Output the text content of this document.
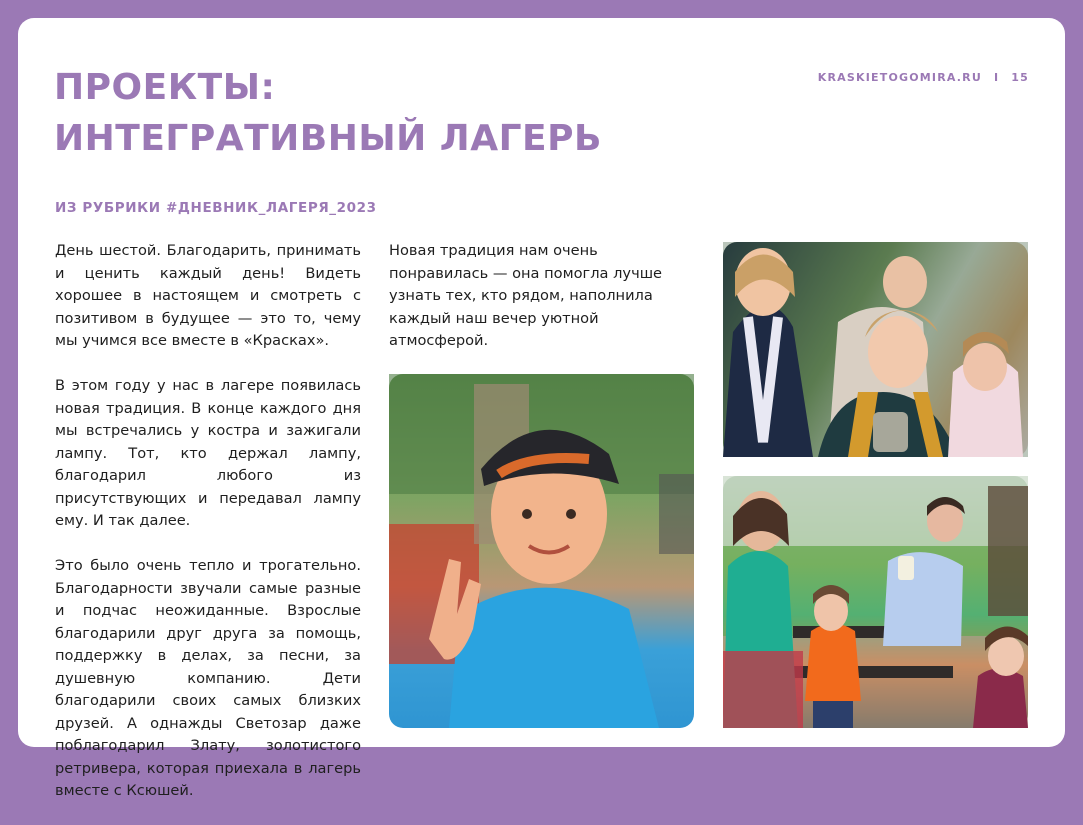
KRASKIETOGOMIRA.RU I 15
ПРОЕКТЫ:
ИНТЕГРАТИВНЫЙ ЛАГЕРЬ
ИЗ РУБРИКИ #ДНЕВНИК_ЛАГЕРЯ_2023

День шестой. Благодарить, принимать и ценить каждый день! Видеть хорошее в настоящем и смотреть с позитивом в будущее — это то, чему мы учимся все вместе в «Красках».

В этом году у нас в лагере появилась новая традиция. В конце каждого дня мы встречались у костра и зажигали лампу. Тот, кто держал лампу, благодарил любого из присутствующих и передавал лампу ему. И так далее.

Это было очень тепло и трогательно. Благодарности звучали самые разные и подчас неожиданные. Взрослые благодарили друг друга за помощь, поддержку в делах, за песни, за душевную компанию. Дети благодарили своих самых близких друзей. А однажды Светозар даже поблагодарил Злату, золотистого ретривера, которая приехала в лагерь вместе с Ксюшей.

Новая традиция нам очень понравилась — она помогла лучше узнать тех, кто рядом, наполнила каждый наш вечер уютной атмосферой.
